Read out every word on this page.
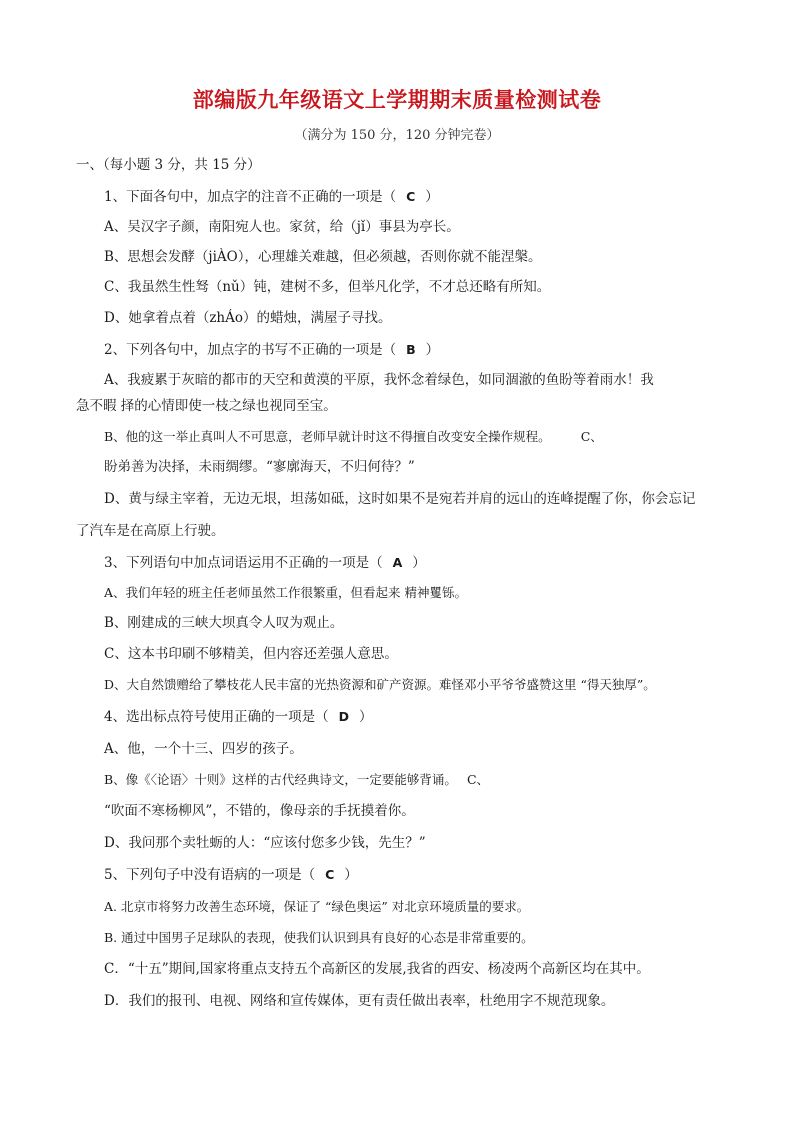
部编版九年级语文上学期期末质量检测试卷
（满分为 150 分，120 分钟完卷）
一、（每小题 3 分，共 15 分）
1、下面各句中，加点字的注音不正确的一项是（ C ）
A、吴汉字子颜，南阳宛人也。家贫，给（jǐ）事县为亭长。
B、思想会发酵（jiÀO），心理雄关难越，但必须越，否则你就不能涅槃。
C、我虽然生性驽（nǔ）钝，建树不多，但举凡化学，不才总还略有所知。
D、她拿着点着（zhÁo）的蜡烛，满屋子寻找。
2、下列各句中，加点字的书写不正确的一项是（ B ）
A、我疲累于灰暗的都市的天空和黄漠的平原，我怀念着绿色，如同涸澈的鱼盼等着雨水！我
急不暇 择的心情即使一枝之绿也视同至宝。
B、他的这一举止真叫人不可思意，老师早就计时这不得擅自改变安全操作规程。 C、
盼弟善为决择，未雨绸缪。“寥廓海天，不归何待？”
D、黄与绿主宰着，无边无垠，坦荡如砥，这时如果不是宛若并肩的远山的连峰提醒了你，你会忘记
了汽车是在高原上行驶。
3、下列语句中加点词语运用不正确的一项是（ A ）
A、我们年轻的班主任老师虽然工作很繁重，但看起来 精神矍铄。
B、刚建成的三峡大坝真令人叹为观止。
C、这本书印刷不够精美，但内容还差强人意思。
D、大自然馈赠给了攀枝花人民丰富的光热资源和矿产资源。难怪邓小平爷爷盛赞这里 “得天独厚”。
4、选出标点符号使用正确的一项是（ D ）
A、他，一个十三、四岁的孩子。
B、像《〈论语〉十则》这样的古代经典诗文，一定要能够背诵。 C、
“吹面不寒杨柳风”，不错的，像母亲的手抚摸着你。
D、我问那个卖牡蛎的人：“应该付您多少钱，先生？”
5、下列句子中没有语病的一项是（ C ）
A. 北京市将努力改善生态环境，保证了 “绿色奥运” 对北京环境质量的要求。
B. 通过中国男子足球队的表现，使我们认识到具有良好的心态是非常重要的。
C．“十五”期间,国家将重点支持五个高新区的发展,我省的西安、杨凌两个高新区均在其中。
D．我们的报刊、电视、网络和宣传媒体，更有责任做出表率，杜绝用字不规范现象。
